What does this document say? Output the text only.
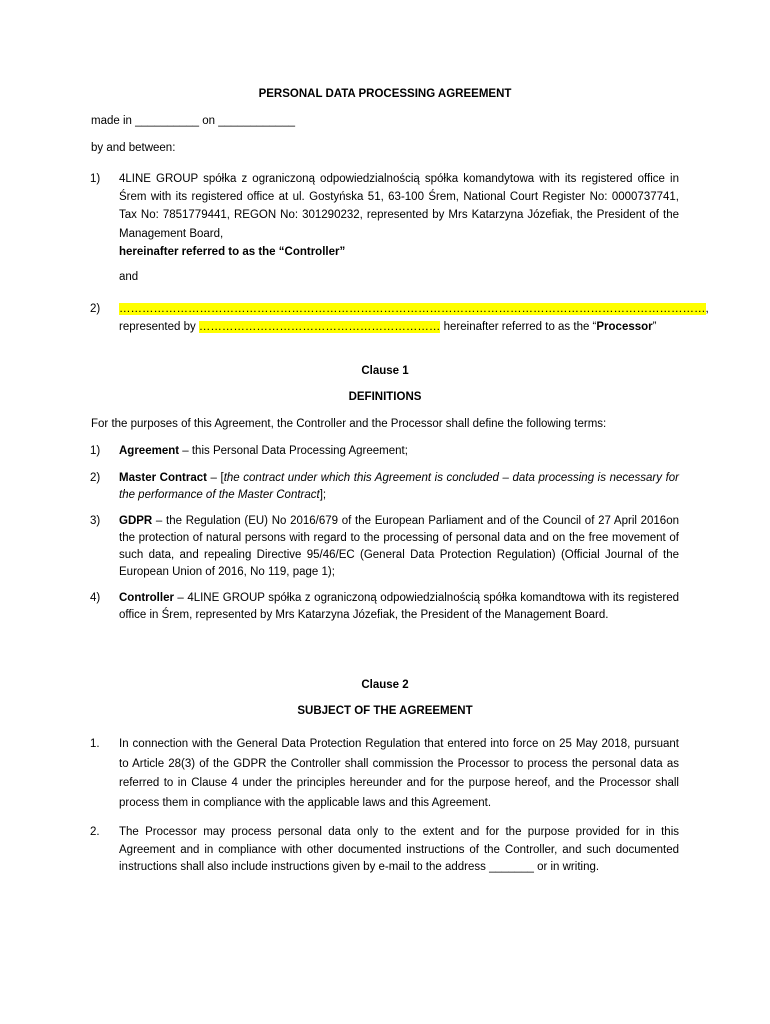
PERSONAL DATA PROCESSING AGREEMENT

made in __________ on ____________

by and between:

1) 4LINE GROUP spółka z ograniczoną odpowiedzialnością spółka komandytowa with its registered office in Śrem with its registered office at ul. Gostyńska 51, 63-100 Śrem, National Court Register No: 0000737741, Tax No: 7851779441, REGON No: 301290232, represented by Mrs Katarzyna Józefiak, the President of the Management Board,
hereinafter referred to as the “Controller”

and

2) ………………………………………………………………………………………………………………………………………,
represented by ……………………………………………………… hereinafter referred to as the “Processor”

Clause 1

DEFINITIONS

For the purposes of this Agreement, the Controller and the Processor shall define the following terms:

1) Agreement – this Personal Data Processing Agreement;
2) Master Contract – [the contract under which this Agreement is concluded – data processing is necessary for the performance of the Master Contract];
3) GDPR – the Regulation (EU) No 2016/679 of the European Parliament and of the Council of 27 April 2016on the protection of natural persons with regard to the processing of personal data and on the free movement of such data, and repealing Directive 95/46/EC (General Data Protection Regulation) (Official Journal of the European Union of 2016, No 119, page 1);
4) Controller – 4LINE GROUP spółka z ograniczoną odpowiedzialnością spółka komandtowa with its registered office in Śrem, represented by Mrs Katarzyna Józefiak, the President of the Management Board.

Clause 2

SUBJECT OF THE AGREEMENT

1. In connection with the General Data Protection Regulation that entered into force on 25 May 2018, pursuant to Article 28(3) of the GDPR the Controller shall commission the Processor to process the personal data as referred to in Clause 4 under the principles hereunder and for the purpose hereof, and the Processor shall process them in compliance with the applicable laws and this Agreement.
2. The Processor may process personal data only to the extent and for the purpose provided for in this Agreement and in compliance with other documented instructions of the Controller, and such documented instructions shall also include instructions given by e-mail to the address _______ or in writing.
